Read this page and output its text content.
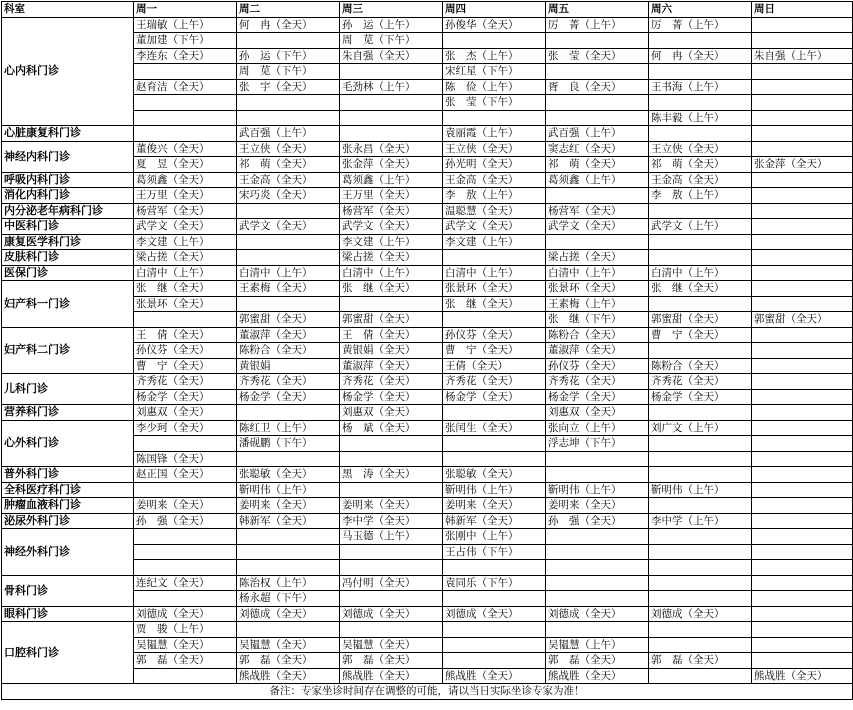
科室	周一	周二	周三	周四	周五	周六	周日
心内科门诊	王瑞敏（上午）	何　冉（全天）	孙　运（上午）	孙俊华（全天）	厉　菁（上午）	厉　菁（上午）	
	董加建（下午）		周　苋（下午）				
	李连东（全天）	孙　运（下午）	朱自强（全天）	张　杰（上午）	张　莹（全天）	何　冉（全天）	朱自强（上午）
		周　苋（下午）		宋红星（下午）			
	赵育洁（全天）	张　宇（全天）	毛劲林（上午）	陈　俭（上午）	胥　良（全天）	王书海（上午）	
				张　莹（下午）			
						陈丰毅（上午）	
心脏康复科门诊		武百强（上午）		袁丽霞（上午）	武百强（上午）		
神经内科门诊	董俊兴（全天）	王立侠（全天）	张永昌（全天）	王立侠（全天）	窦志红（全天）	王立侠（全天）	
	夏　昱（全天）	祁　萌（全天）	张金萍（全天）	孙光明（全天）	祁　萌（全天）	祁　萌（全天）	张金萍（全天）
呼吸内科门诊	葛须鑫（全天）	王金高（全天）	葛须鑫（上午）	王金高（全天）	葛须鑫（上午）	王金高（全天）	
消化内科门诊	王万里（全天）	宋巧炎（全天）	王万里（全天）	李　敖（上午）		李　敖（上午）	
内分泌老年病科门诊	杨营军（全天）		杨营军（全天）	温聪慧（全天）	杨营军（全天）		
中医科门诊	武学文（全天）	武学文（全天）	武学文（全天）	武学文（全天）	武学文（全天）	武学文（上午）	
康复医学科门诊	李文建（上午）		李文建（上午）	李文建（上午）			
皮肤科门诊	梁占搓（全天）		梁占搓（全天）		梁占搓（全天）		
医保门诊	白清中（上午）	白清中（上午）	白清中（上午）	白清中（上午）	白清中（上午）	白清中（上午）	
妇产科一门诊	张　继（全天）	王素梅（全天）	张　继（全天）	张景环（全天）	张景环（全天）	张　继（全天）	
	张景环（全天）			张　继（全天）	王素梅（上午）		
		郭蜜甜（全天）	郭蜜甜（全天）		张　继（下午）	郭蜜甜（全天）	郭蜜甜（全天）
妇产科二门诊	王　倩（全天）	董淑萍（全天）	王　倩（全天）	孙仪芬（全天）	陈粉合（全天）	曹　宁（全天）	
	孙仪芬（全天）	陈粉合（全天）	黄银娟（全天）	曹　宁（全天）	董淑萍（全天）		
	曹　宁（全天）	黄银娟	董淑萍（全天）	王倩（全天）	孙仪芬（全天）	陈粉合（全天）	
儿科门诊	齐秀花（全天）	齐秀花（全天）	齐秀花（全天）	齐秀花（全天）	齐秀花（全天）	齐秀花（全天）	
	杨金学（全天）	杨金学（全天）	杨金学（全天）	杨金学（全天）	杨金学（全天）	杨金学（全天）	
营养科门诊	刘惠双（全天）		刘惠双（全天）		刘惠双（全天）		
心外科门诊	李少珂（全天）	陈红卫（上午）	杨　斌（全天）	张闰生（全天）	张向立（上午）	刘广文（上午）	
		潘砚鹏（下午）			浮志坤（下午）		
	陈国锋（全天）						
普外科门诊	赵正国（全天）	张聪敏（全天）	黑　涛（全天）	张聪敏（全天）			
全科医疗科门诊		靳明伟（上午）		靳明伟（上午）	靳明伟（上午）	靳明伟（上午）	
肿瘤血液科门诊	姜明来（全天）	姜明来（全天）	姜明来（全天）	姜明来（全天）	姜明来（全天）		
泌尿外科门诊	孙　强（全天）	韩新军（全天）	李中学（全天）	韩新军（全天）	孙　强（全天）	李中学（上午）	
神经外科门诊			马玉德（上午）	张刚中（上午）			
				王占伟（下午）			

骨科门诊	连纪文（全天）	陈治权（上午）	冯付明（全天）	袁同乐（下午）			
		杨永超（下午）					
眼科门诊	刘德成（全天）	刘德成（全天）	刘德成（全天）	刘德成（全天）	刘德成（全天）	刘德成（全天）	
口腔科门诊	贾　骏（上午）						
	吴韫慧（全天）	吴韫慧（全天）	吴韫慧（全天）		吴韫慧（上午）		
	郭　磊（全天）	郭　磊（全天）	郭　磊（全天）		郭　磊（全天）	郭　磊（全天）	
		熊战胜（全天）	熊战胜（全天）	熊战胜（全天）	熊战胜（全天）		熊战胜（全天）
备注：专家坐诊时间存在调整的可能，请以当日实际坐诊专家为准！							
